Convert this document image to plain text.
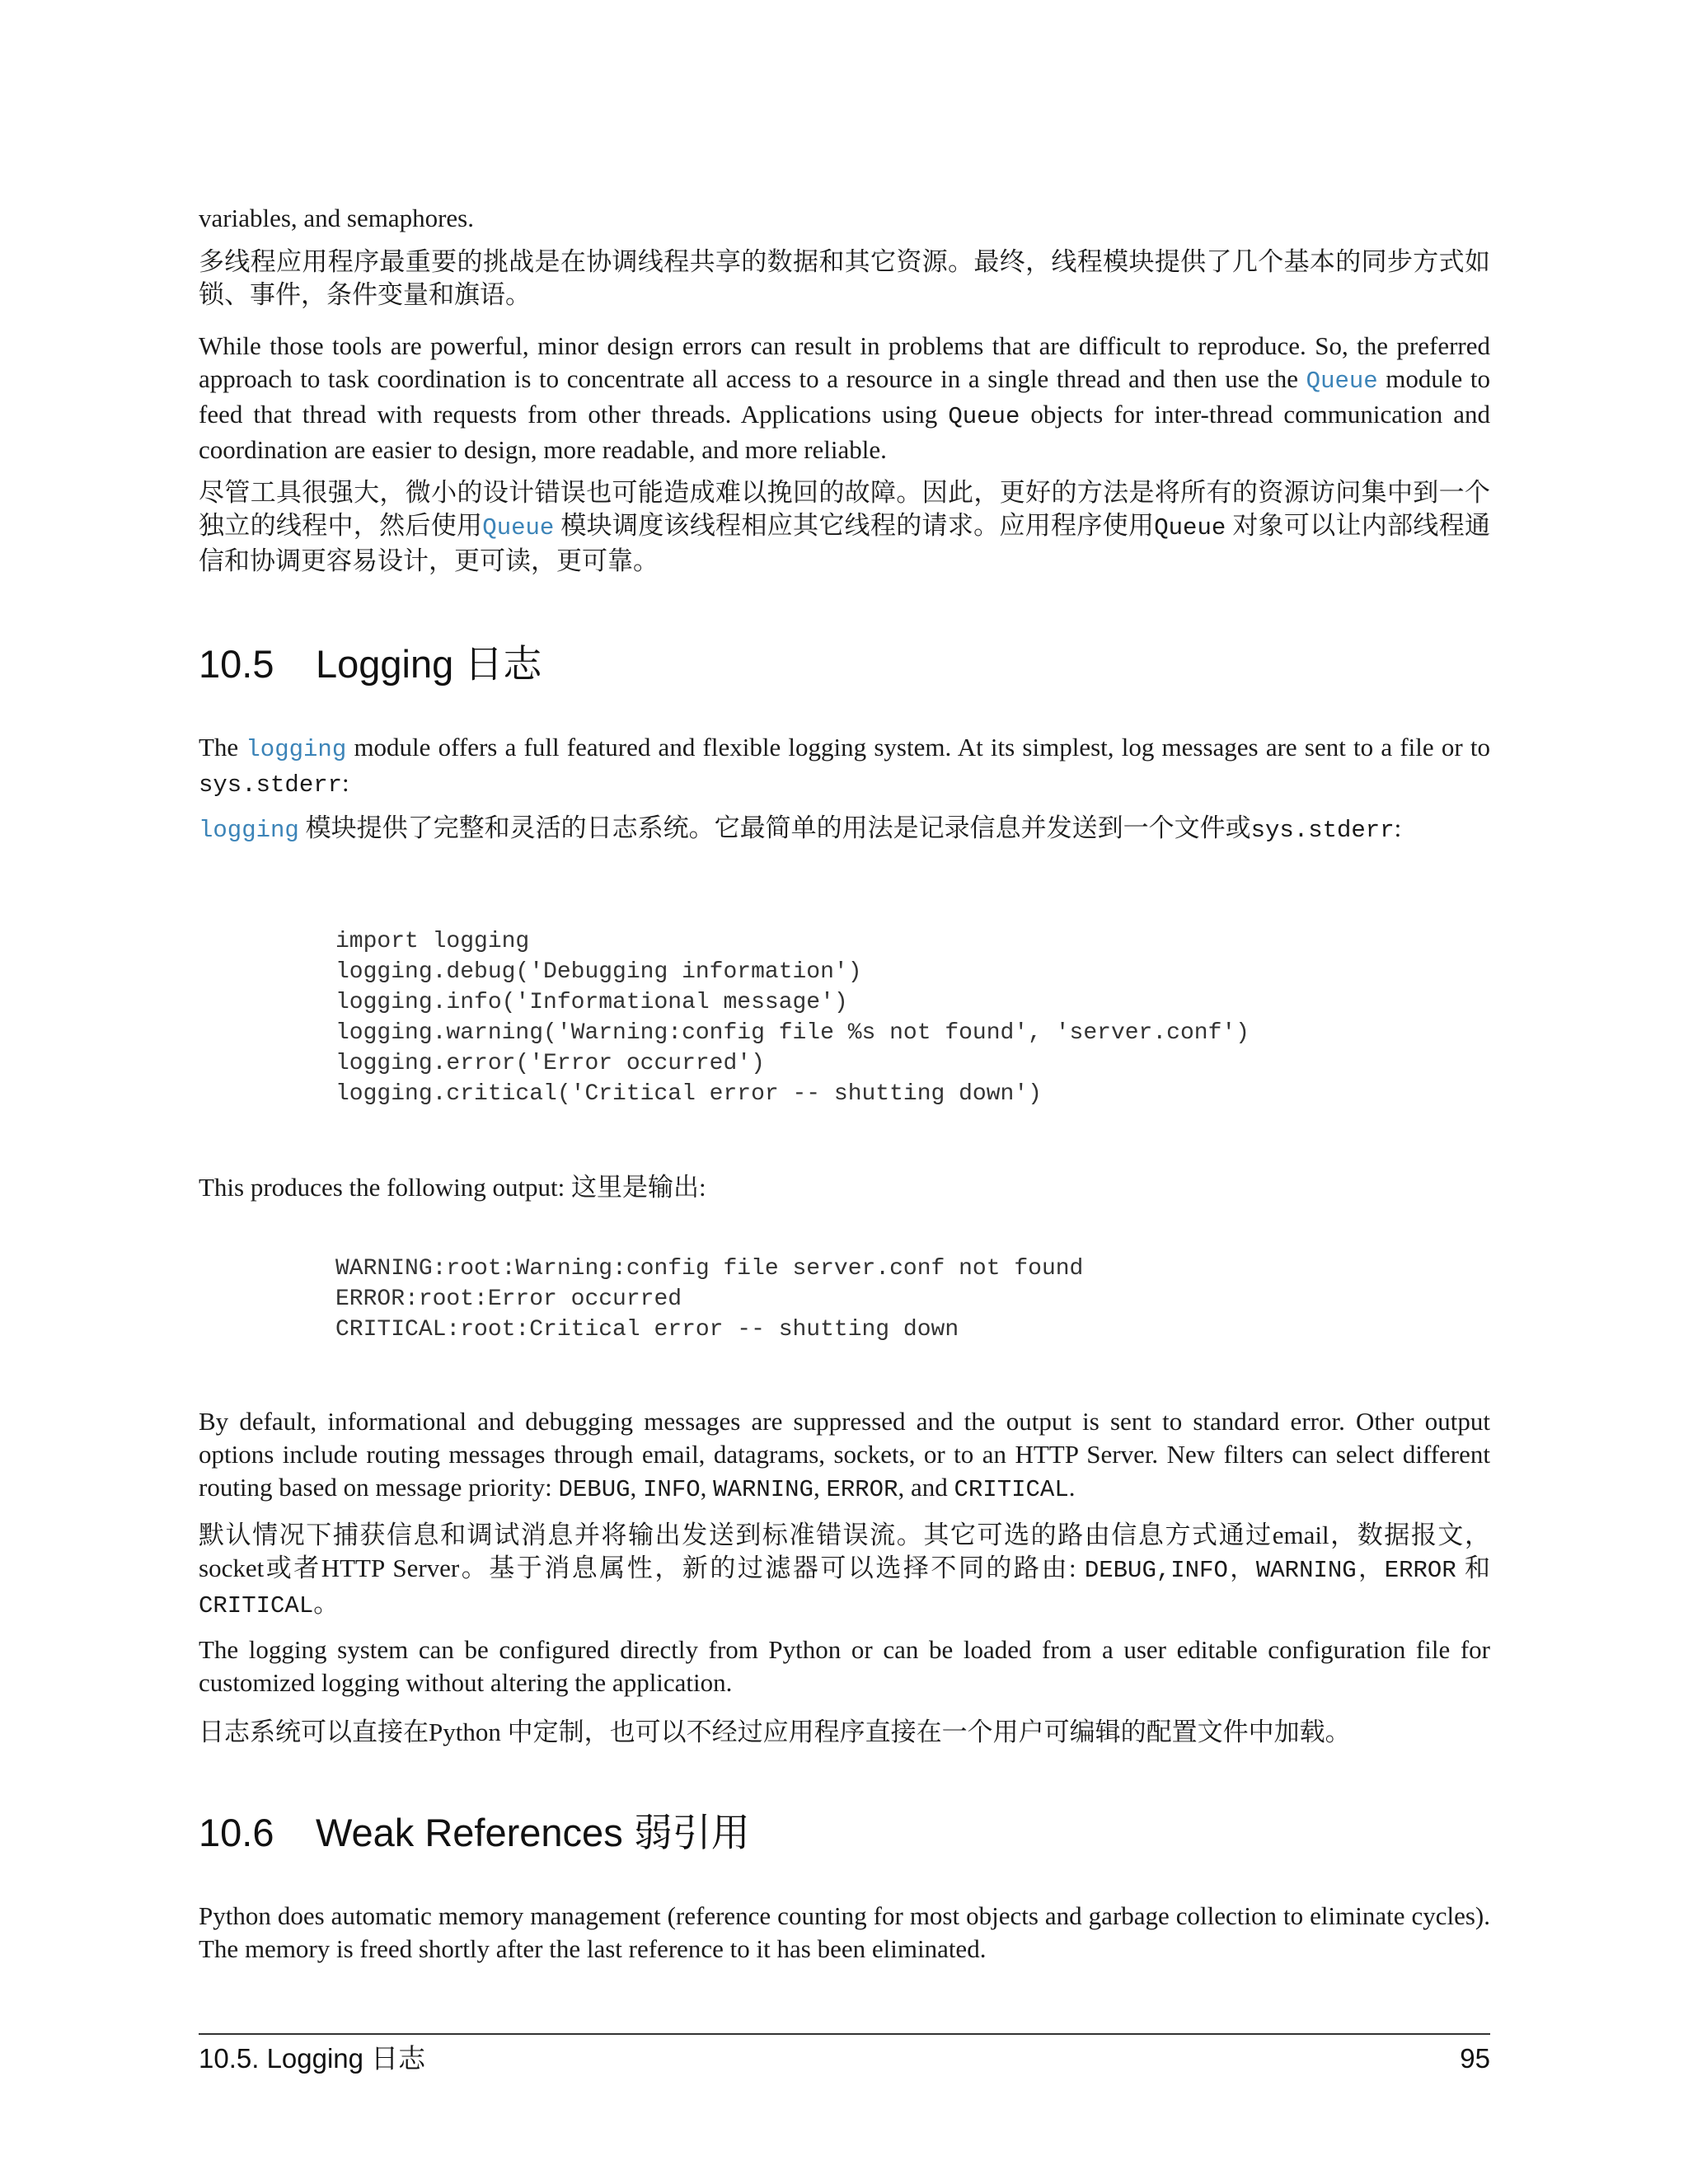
variables, and semaphores.

多线程应用程序最重要的挑战是在协调线程共享的数据和其它资源。最终，线程模块提供了几个基本的同步方式如锁、事件，条件变量和旗语。

While those tools are powerful, minor design errors can result in problems that are difficult to reproduce. So, the preferred approach to task coordination is to concentrate all access to a resource in a single thread and then use the Queue module to feed that thread with requests from other threads. Applications using Queue objects for inter-thread communication and coordination are easier to design, more readable, and more reliable.

尽管工具很强大，微小的设计错误也可能造成难以挽回的故障。因此，更好的方法是将所有的资源访问集中到一个独立的线程中，然后使用Queue 模块调度该线程相应其它线程的请求。应用程序使用Queue 对象可以让内部线程通信和协调更容易设计，更可读，更可靠。

10.5 Logging 日志

The logging module offers a full featured and flexible logging system. At its simplest, log messages are sent to a file or to sys.stderr:

logging 模块提供了完整和灵活的日志系统。它最简单的用法是记录信息并发送到一个文件或sys.stderr:

import logging
logging.debug('Debugging information')
logging.info('Informational message')
logging.warning('Warning:config file %s not found', 'server.conf')
logging.error('Error occurred')
logging.critical('Critical error -- shutting down')

This produces the following output: 这里是输出:

WARNING:root:Warning:config file server.conf not found
ERROR:root:Error occurred
CRITICAL:root:Critical error -- shutting down

By default, informational and debugging messages are suppressed and the output is sent to standard error. Other output options include routing messages through email, datagrams, sockets, or to an HTTP Server. New filters can select different routing based on message priority: DEBUG, INFO, WARNING, ERROR, and CRITICAL.

默认情况下捕获信息和调试消息并将输出发送到标准错误流。其它可选的路由信息方式通过email，数据报文，socket或者HTTP Server。基于消息属性，新的过滤器可以选择不同的路由: DEBUG,INFO，WARNING，ERROR 和CRITICAL。

The logging system can be configured directly from Python or can be loaded from a user editable configuration file for customized logging without altering the application.

日志系统可以直接在Python 中定制，也可以不经过应用程序直接在一个用户可编辑的配置文件中加载。

10.6 Weak References 弱引用

Python does automatic memory management (reference counting for most objects and garbage collection to eliminate cycles). The memory is freed shortly after the last reference to it has been eliminated.

10.5. Logging 日志	95
